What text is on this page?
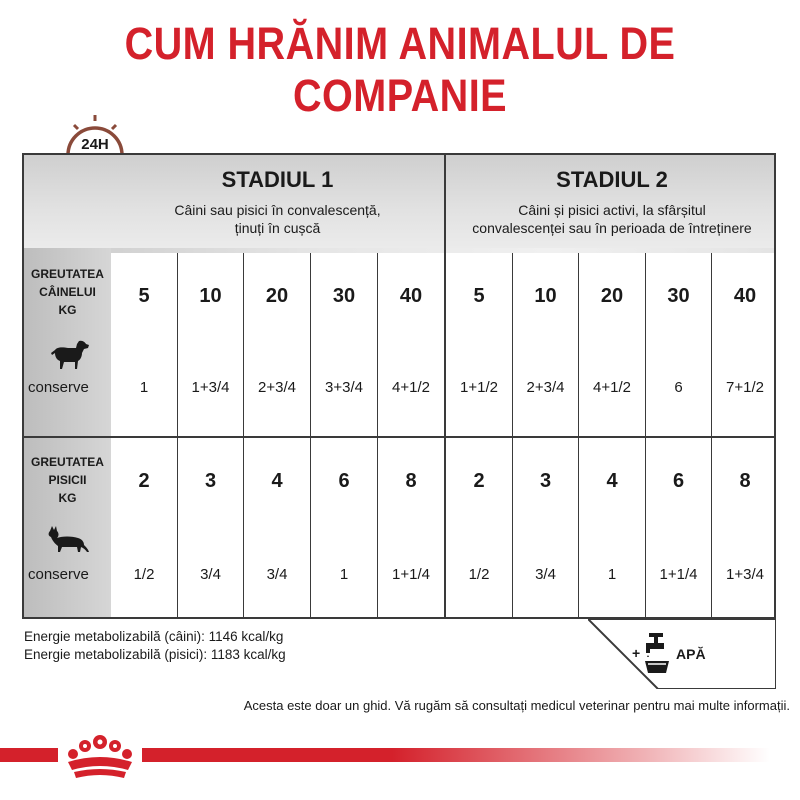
CUM HRĂNIM ANIMALUL DE COMPANIE
24H
STADIUL 1
Câini sau pisici în convalescență,
ținuți în cușcă
STADIUL 2
Câini și pisici activi, la sfârșitul
convalescenței sau în perioada de întreținere
GREUTATEA
CÂINELUI
KG
conserve
GREUTATEA
PISICII
KG
conserve
5
1
10
1+3/4
20
2+3/4
30
3+3/4
40
4+1/2
5
1+1/2
10
2+3/4
20
4+1/2
30
6
40
7+1/2
2
1/2
3
3/4
4
3/4
6
1
8
1+1/4
2
1/2
3
3/4
4
1
6
1+1/4
8
1+3/4
Energie metabolizabilă (câini): 1146 kcal/kg
Energie metabolizabilă (pisici): 1183 kcal/kg	+	APĂ
Acesta este doar un ghid. Vă rugăm să consultați medicul veterinar pentru mai multe informații.
